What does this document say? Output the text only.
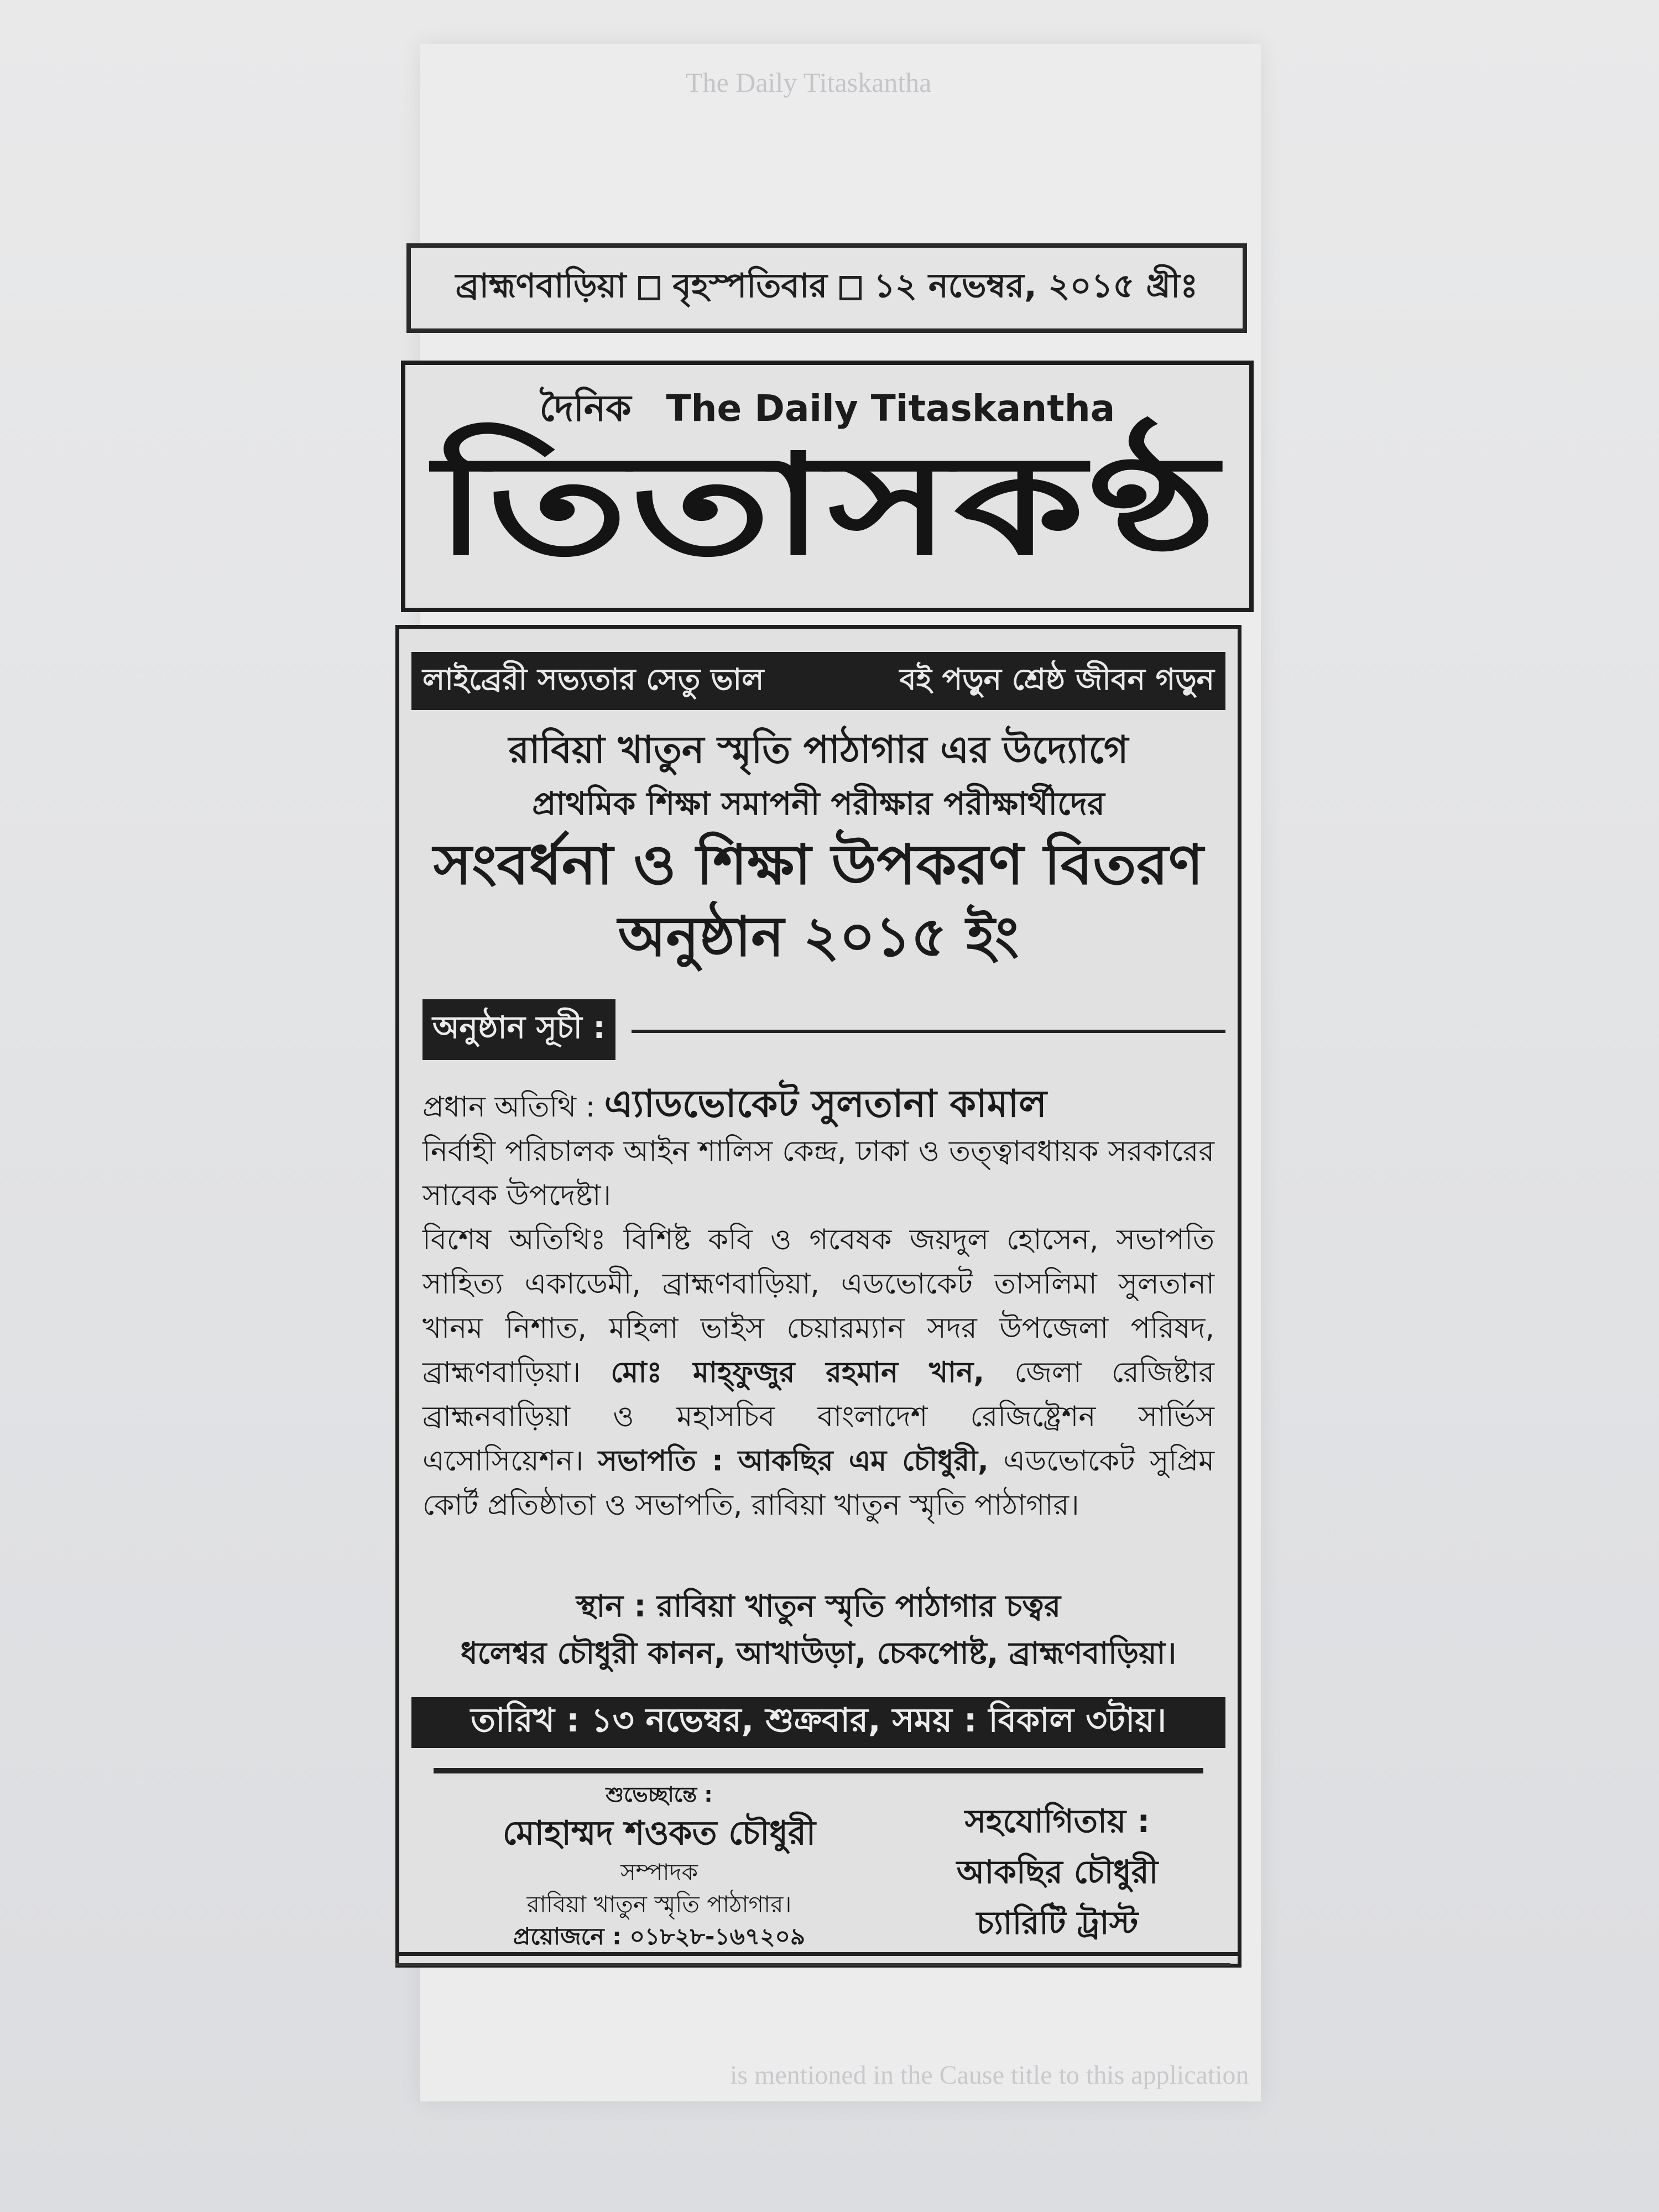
The Daily Titaskantha
ব্রাহ্মণবাড়িয়া বৃহস্পতিবার ১২ নভেম্বর, ২০১৫ খ্রীঃ
দৈনিক The Daily Titaskantha
তিতাসকণ্ঠ
লাইব্রেরী সভ্যতার সেতু ভাল	বই পড়ুন শ্রেষ্ঠ জীবন গড়ুন
রাবিয়া খাতুন স্মৃতি পাঠাগার এর উদ্যোগে
প্রাথমিক শিক্ষা সমাপনী পরীক্ষার পরীক্ষার্থীদের
সংবর্ধনা ও শিক্ষা উপকরণ বিতরণ
অনুষ্ঠান ২০১৫ ইং
অনুষ্ঠান সূচী :
প্রধান অতিথি : এ্যাডভোকেট সুলতানা কামাল
নির্বাহী পরিচালক আইন শালিস কেন্দ্র, ঢাকা ও তত্ত্বাবধায়ক সরকারের সাবেক উপদেষ্টা।
বিশেষ অতিথিঃ বিশিষ্ট কবি ও গবেষক জয়দুল হোসেন, সভাপতি সাহিত্য একাডেমী, ব্রাহ্মণবাড়িয়া, এডভোকেট তাসলিমা সুলতানা খানম নিশাত, মহিলা ভাইস চেয়ারম্যান সদর উপজেলা পরিষদ, ব্রাহ্মণবাড়িয়া। মোঃ মাহ্ফুজুর রহমান খান, জেলা রেজিষ্টার ব্রাহ্মনবাড়িয়া ও মহাসচিব বাংলাদেশ রেজিষ্ট্রেশন সার্ভিস এসোসিয়েশন। সভাপতি : আকছির এম চৌধুরী, এডভোকেট সুপ্রিম কোর্ট প্রতিষ্ঠাতা ও সভাপতি, রাবিয়া খাতুন স্মৃতি পাঠাগার।
স্থান : রাবিয়া খাতুন স্মৃতি পাঠাগার চত্বর
ধলেশ্বর চৌধুরী কানন, আখাউড়া, চেকপোষ্ট, ব্রাহ্মণবাড়িয়া।
তারিখ : ১৩ নভেম্বর, শুক্রবার, সময় : বিকাল ৩টায়।
শুভেচ্ছান্তে :
মোহাম্মদ শওকত চৌধুরী
সম্পাদক
রাবিয়া খাতুন স্মৃতি পাঠাগার।
প্রয়োজনে : ০১৮২৮-১৬৭২০৯
সহযোগিতায় :
আকছির চৌধুরী
চ্যারিটি ট্রাস্ট
is mentioned in the Cause title to this application
